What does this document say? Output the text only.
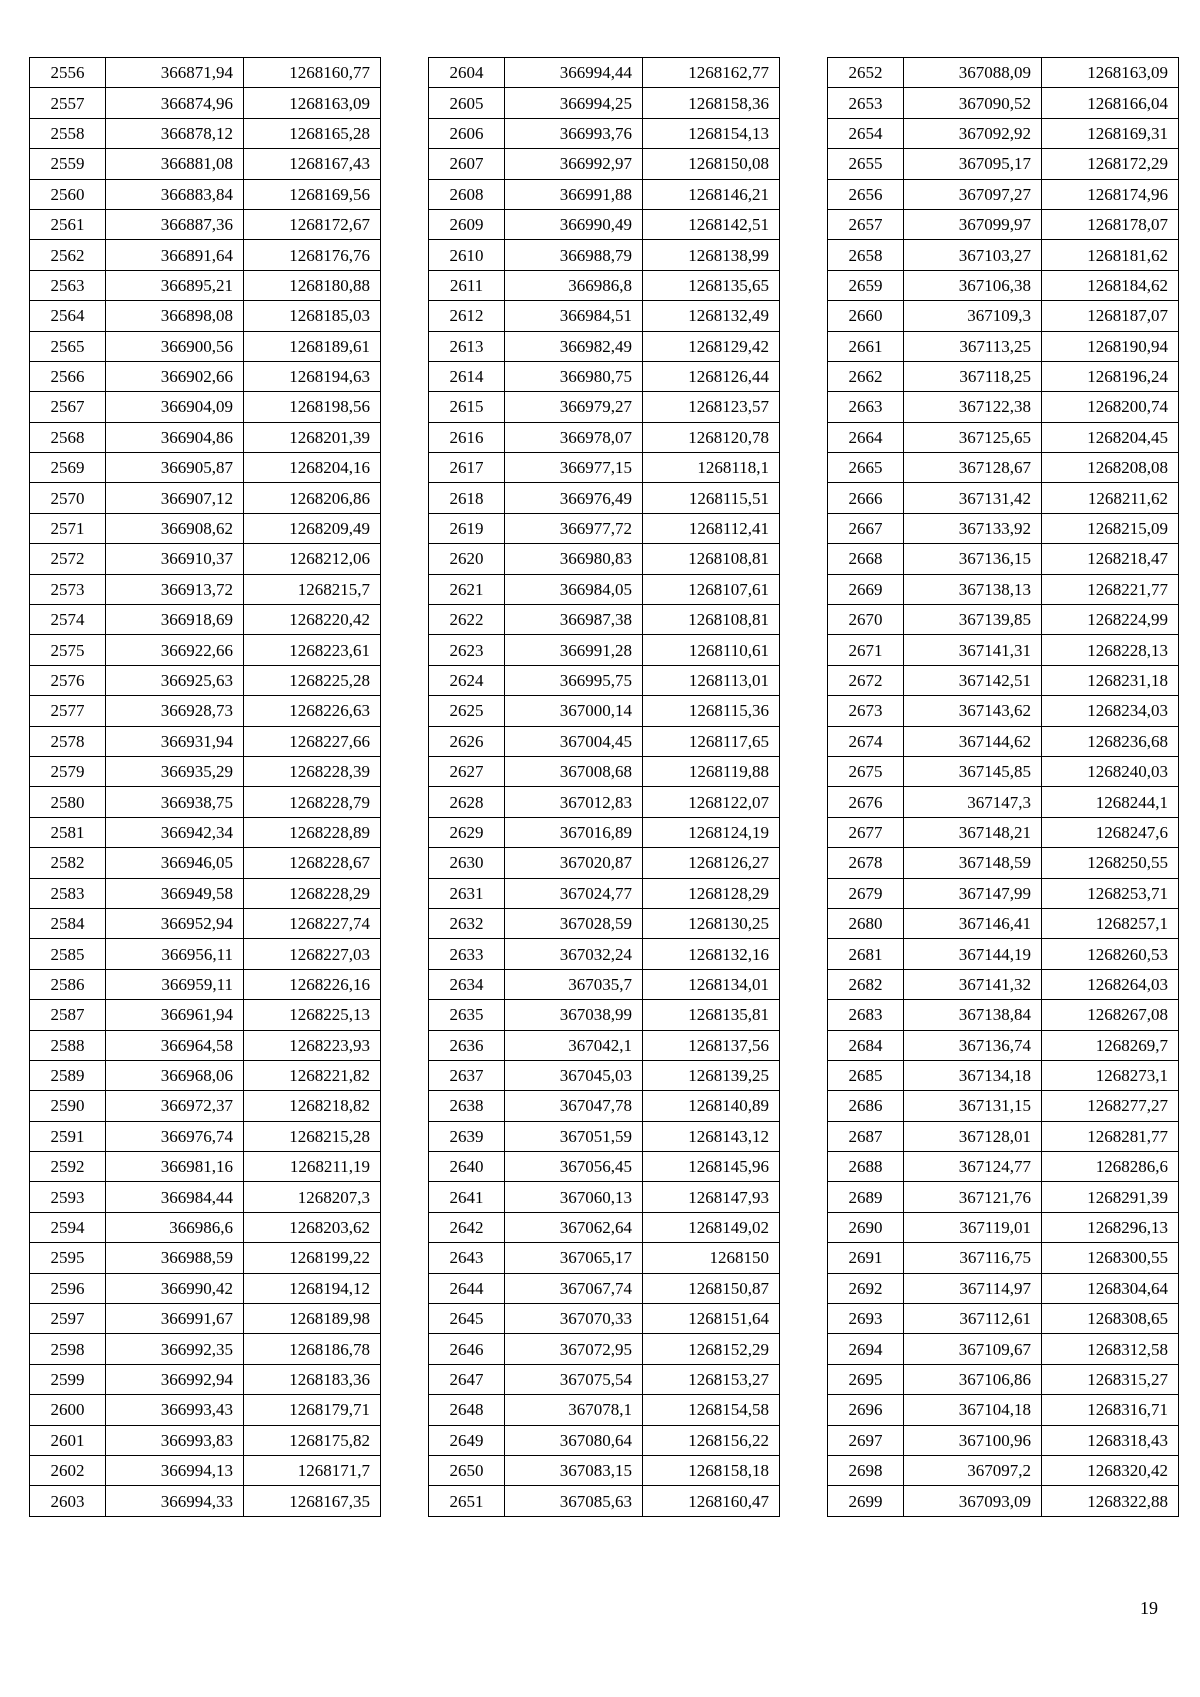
2556	366871,94	1268160,77
2557	366874,96	1268163,09
2558	366878,12	1268165,28
2559	366881,08	1268167,43
2560	366883,84	1268169,56
2561	366887,36	1268172,67
2562	366891,64	1268176,76
2563	366895,21	1268180,88
2564	366898,08	1268185,03
2565	366900,56	1268189,61
2566	366902,66	1268194,63
2567	366904,09	1268198,56
2568	366904,86	1268201,39
2569	366905,87	1268204,16
2570	366907,12	1268206,86
2571	366908,62	1268209,49
2572	366910,37	1268212,06
2573	366913,72	1268215,7
2574	366918,69	1268220,42
2575	366922,66	1268223,61
2576	366925,63	1268225,28
2577	366928,73	1268226,63
2578	366931,94	1268227,66
2579	366935,29	1268228,39
2580	366938,75	1268228,79
2581	366942,34	1268228,89
2582	366946,05	1268228,67
2583	366949,58	1268228,29
2584	366952,94	1268227,74
2585	366956,11	1268227,03
2586	366959,11	1268226,16
2587	366961,94	1268225,13
2588	366964,58	1268223,93
2589	366968,06	1268221,82
2590	366972,37	1268218,82
2591	366976,74	1268215,28
2592	366981,16	1268211,19
2593	366984,44	1268207,3
2594	366986,6	1268203,62
2595	366988,59	1268199,22
2596	366990,42	1268194,12
2597	366991,67	1268189,98
2598	366992,35	1268186,78
2599	366992,94	1268183,36
2600	366993,43	1268179,71
2601	366993,83	1268175,82
2602	366994,13	1268171,7
2603	366994,33	1268167,35
2604	366994,44	1268162,77
2605	366994,25	1268158,36
2606	366993,76	1268154,13
2607	366992,97	1268150,08
2608	366991,88	1268146,21
2609	366990,49	1268142,51
2610	366988,79	1268138,99
2611	366986,8	1268135,65
2612	366984,51	1268132,49
2613	366982,49	1268129,42
2614	366980,75	1268126,44
2615	366979,27	1268123,57
2616	366978,07	1268120,78
2617	366977,15	1268118,1
2618	366976,49	1268115,51
2619	366977,72	1268112,41
2620	366980,83	1268108,81
2621	366984,05	1268107,61
2622	366987,38	1268108,81
2623	366991,28	1268110,61
2624	366995,75	1268113,01
2625	367000,14	1268115,36
2626	367004,45	1268117,65
2627	367008,68	1268119,88
2628	367012,83	1268122,07
2629	367016,89	1268124,19
2630	367020,87	1268126,27
2631	367024,77	1268128,29
2632	367028,59	1268130,25
2633	367032,24	1268132,16
2634	367035,7	1268134,01
2635	367038,99	1268135,81
2636	367042,1	1268137,56
2637	367045,03	1268139,25
2638	367047,78	1268140,89
2639	367051,59	1268143,12
2640	367056,45	1268145,96
2641	367060,13	1268147,93
2642	367062,64	1268149,02
2643	367065,17	1268150
2644	367067,74	1268150,87
2645	367070,33	1268151,64
2646	367072,95	1268152,29
2647	367075,54	1268153,27
2648	367078,1	1268154,58
2649	367080,64	1268156,22
2650	367083,15	1268158,18
2651	367085,63	1268160,47
2652	367088,09	1268163,09
2653	367090,52	1268166,04
2654	367092,92	1268169,31
2655	367095,17	1268172,29
2656	367097,27	1268174,96
2657	367099,97	1268178,07
2658	367103,27	1268181,62
2659	367106,38	1268184,62
2660	367109,3	1268187,07
2661	367113,25	1268190,94
2662	367118,25	1268196,24
2663	367122,38	1268200,74
2664	367125,65	1268204,45
2665	367128,67	1268208,08
2666	367131,42	1268211,62
2667	367133,92	1268215,09
2668	367136,15	1268218,47
2669	367138,13	1268221,77
2670	367139,85	1268224,99
2671	367141,31	1268228,13
2672	367142,51	1268231,18
2673	367143,62	1268234,03
2674	367144,62	1268236,68
2675	367145,85	1268240,03
2676	367147,3	1268244,1
2677	367148,21	1268247,6
2678	367148,59	1268250,55
2679	367147,99	1268253,71
2680	367146,41	1268257,1
2681	367144,19	1268260,53
2682	367141,32	1268264,03
2683	367138,84	1268267,08
2684	367136,74	1268269,7
2685	367134,18	1268273,1
2686	367131,15	1268277,27
2687	367128,01	1268281,77
2688	367124,77	1268286,6
2689	367121,76	1268291,39
2690	367119,01	1268296,13
2691	367116,75	1268300,55
2692	367114,97	1268304,64
2693	367112,61	1268308,65
2694	367109,67	1268312,58
2695	367106,86	1268315,27
2696	367104,18	1268316,71
2697	367100,96	1268318,43
2698	367097,2	1268320,42
2699	367093,09	1268322,88
19
